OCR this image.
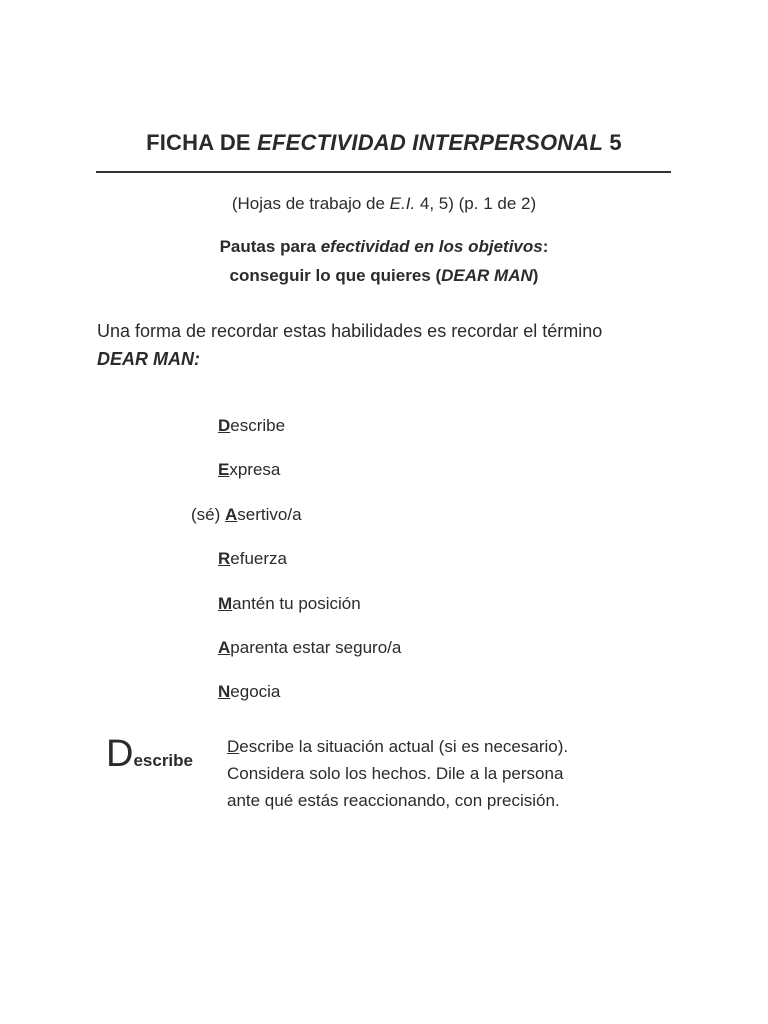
FICHA DE EFECTIVIDAD INTERPERSONAL 5
(Hojas de trabajo de E.I. 4, 5) (p. 1 de 2)
Pautas para efectividad en los objetivos:
conseguir lo que quieres (DEAR MAN)
Una forma de recordar estas habilidades es recordar el término DEAR MAN:
Describe
Expresa
(sé) Asertivo/a
Refuerza
Mantén tu posición
Aparenta estar seguro/a
Negocia
Describe
Describe la situación actual (si es necesario). Considera solo los hechos. Dile a la persona ante qué estás reaccionando, con precisión.
